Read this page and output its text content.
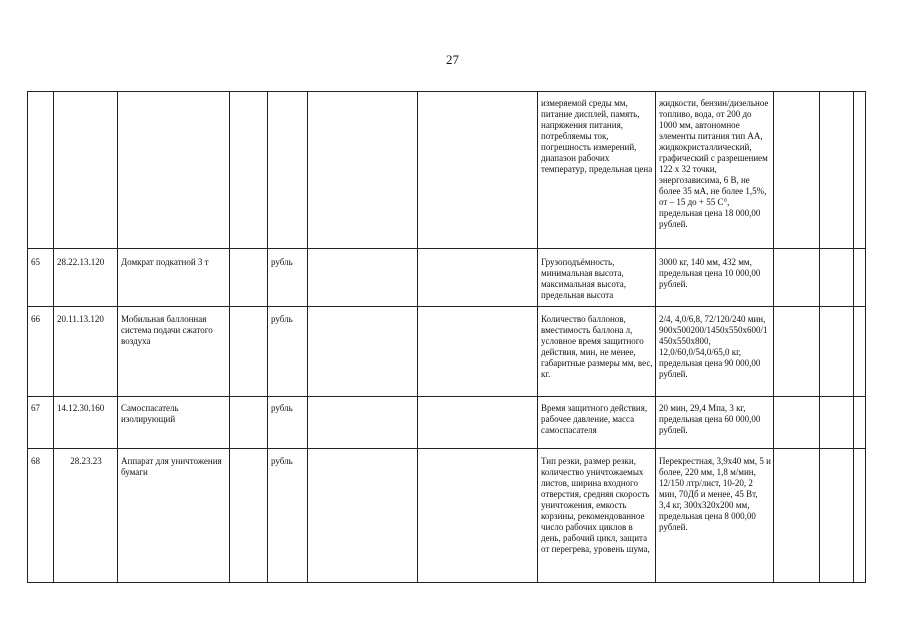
27
							измеряемой среды мм, питание дисплей, память, напряжения питания, потребляемы ток, погрешность измерений, диапазон рабочих температур, предельная цена	жидкости, бензин/дизельное топливо, вода, от 200 до 1000 мм, автономное элементы питания тип АА, жидкокристаллический, графический с разрешением 122 х 32 точки, энергозависима, 6 В, не более 35 мА, не более 1,5%, от – 15 до + 55 С°, предельная цена 18 000,00 рублей.			
65	28.22.13.120	Домкрат подкатной 3 т		рубль			Грузоподъёмность, минимальная высота, максимальная высота, предельная высота	3000 кг, 140 мм, 432 мм, предельная цена 10 000,00 рублей.			
66	20.11.13.120	Мобильная баллонная система подачи сжатого воздуха		рубль			Количество баллонов, вместимость баллона л, условное время защитного действия, мин, не менее, габаритные размеры мм, вес, кг.	2/4, 4,0/6,8, 72/120/240 мин, 900х500200/1450х550х600/1450х550х800, 12,0/60,0/54,0/65,0 кг, предельная цена 90 000,00 рублей.			
67	14.12.30.160	Самоспасатель изолирующий		рубль			Время защитного действия, рабочее давление, масса самоспасателя	20 мин, 29,4 Мпа, 3 кг, предельная цена 60 000,00 рублей.			
68	28.23.23	Аппарат для уничтожения бумаги		рубль			Тип резки, размер резки, количество уничтожаемых листов, ширина входного отверстия, средняя скорость уничтожения, емкость корзины, рекомендованное число рабочих циклов в день, рабочий цикл, защита от перегрева, уровень шума,	Перекрестная, 3,9х40 мм, 5 и более, 220 мм, 1,8 м/мин, 12/150 лтр/лист, 10-20, 2 мин, 70Дб и менее, 45 Вт, 3,4 кг, 300х320х200 мм, предельная цена 8 000,00 рублей.			
